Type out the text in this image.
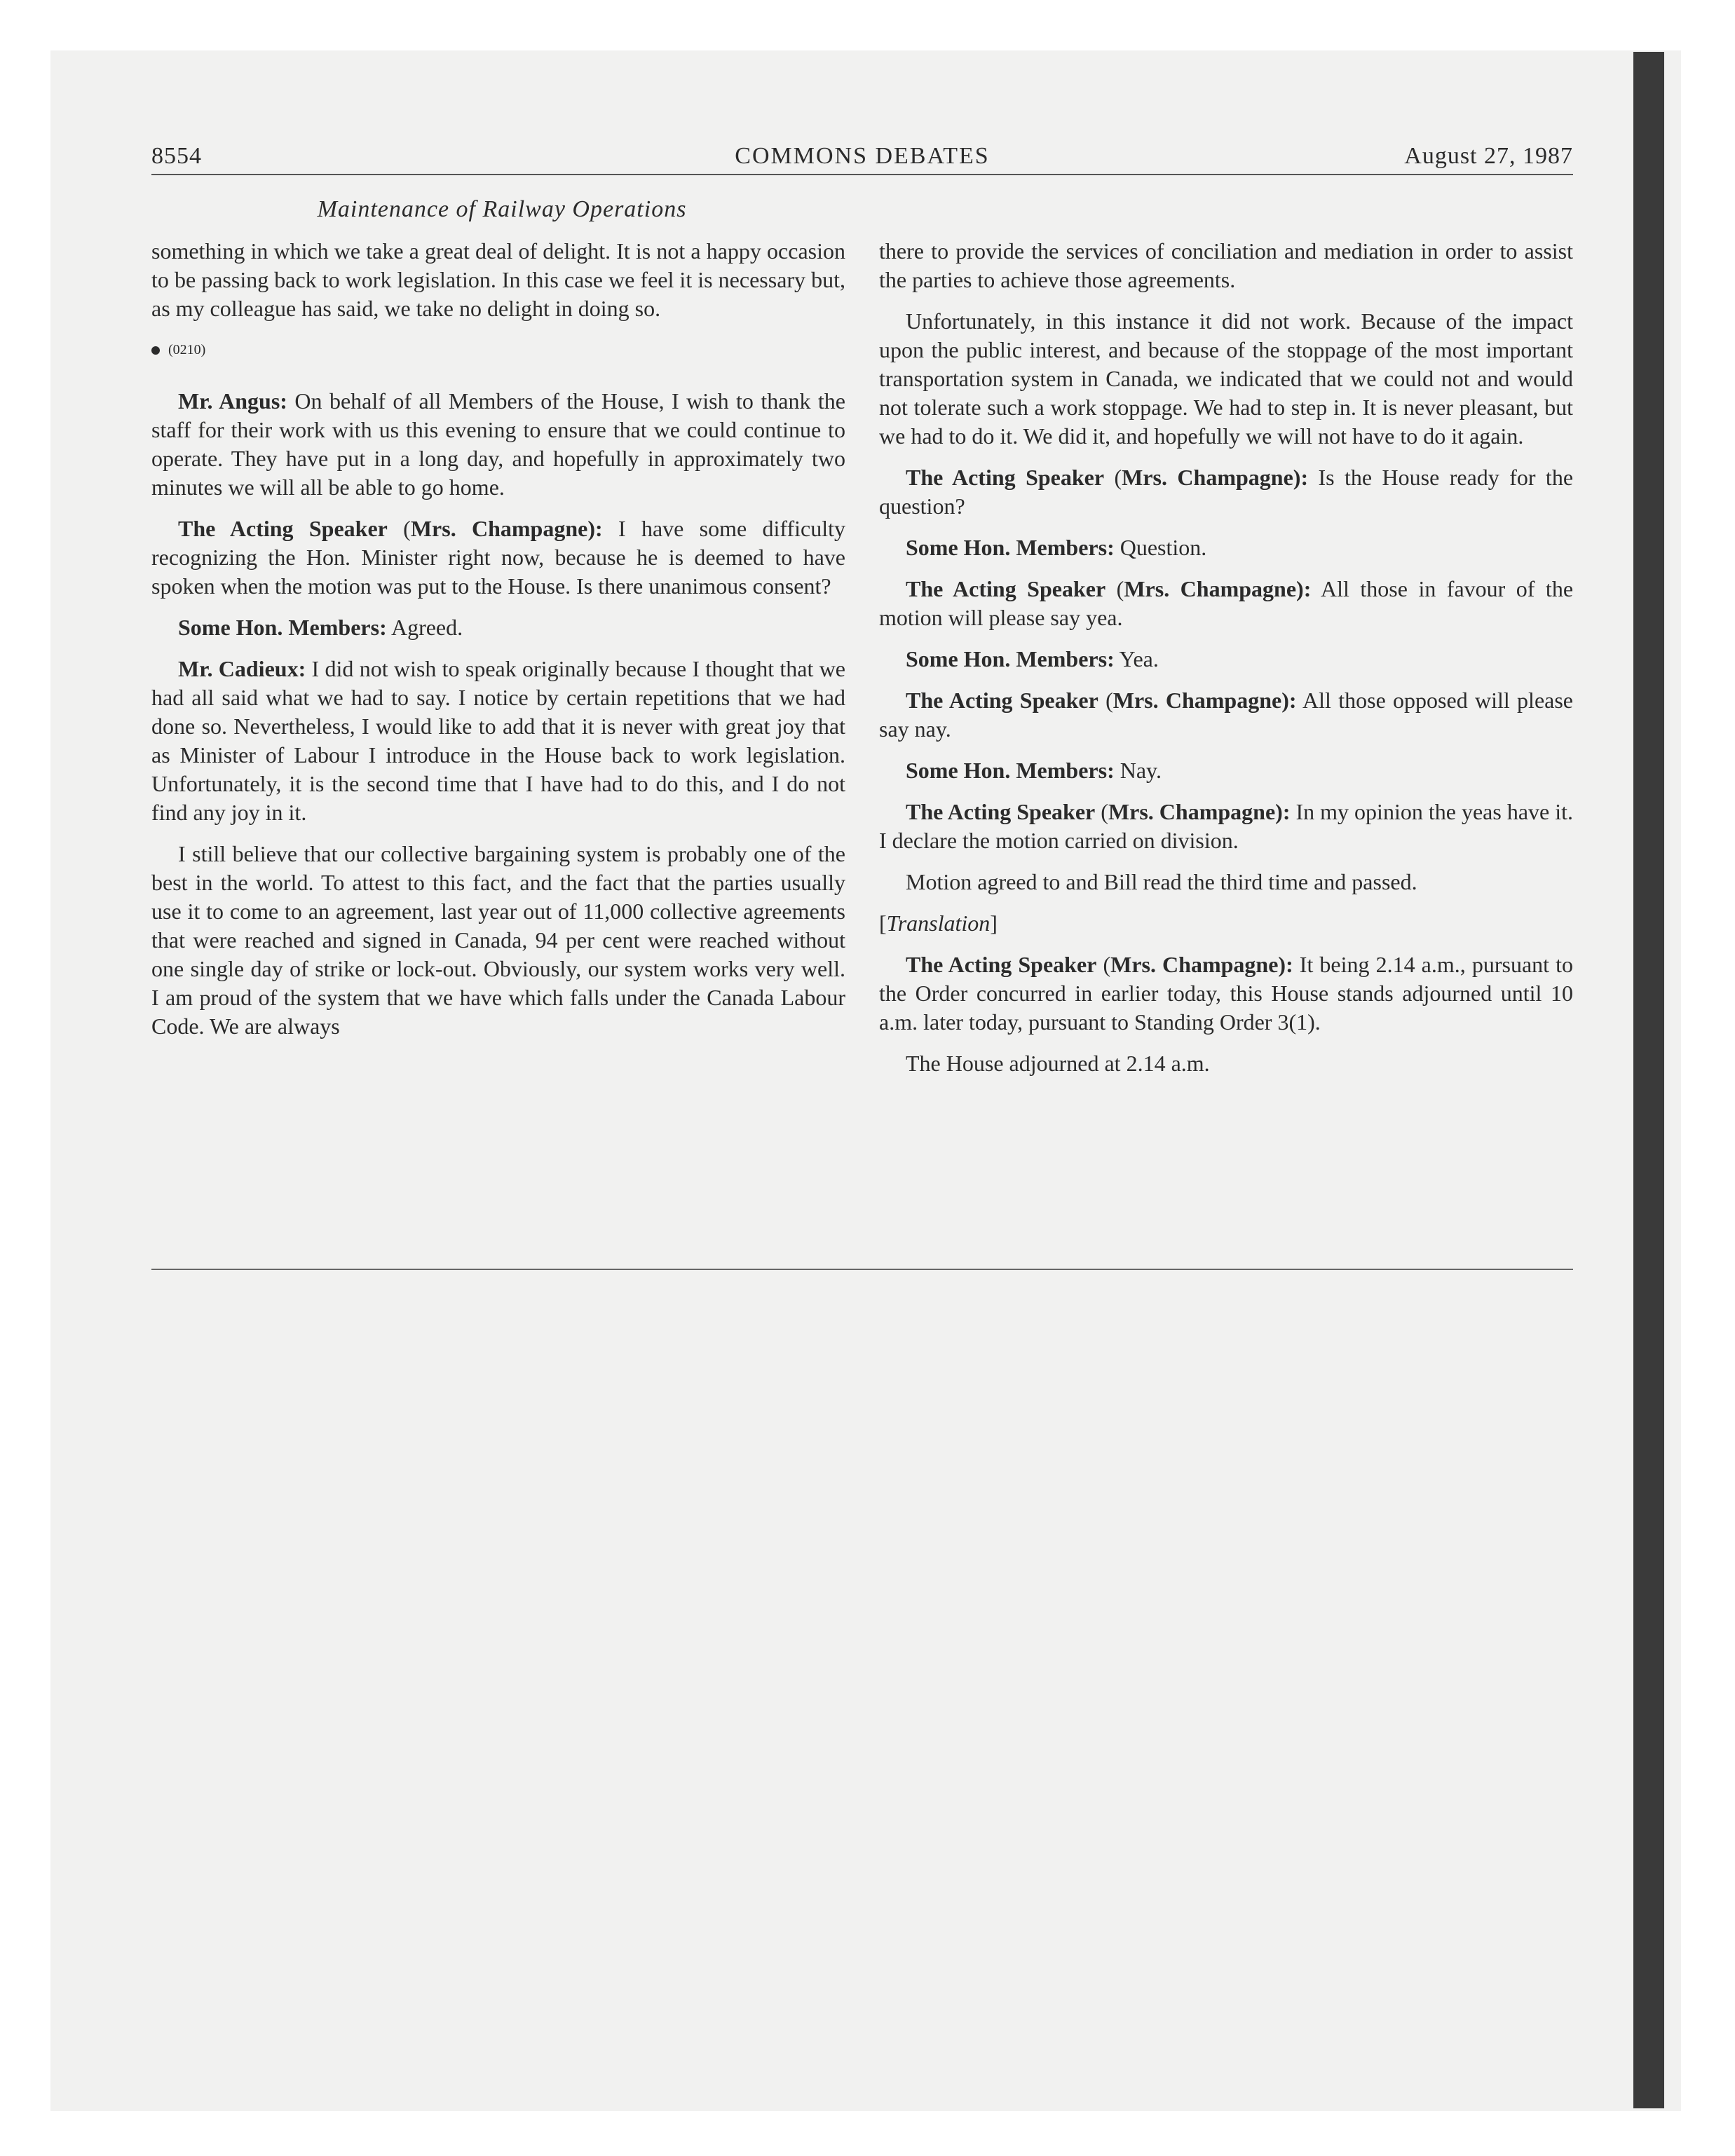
8554	COMMONS DEBATES	August 27, 1987
Maintenance of Railway Operations

something in which we take a great deal of delight. It is not a happy occasion to be passing back to work legislation. In this case we feel it is necessary but, as my colleague has said, we take no delight in doing so.

(0210)

Mr. Angus: On behalf of all Members of the House, I wish to thank the staff for their work with us this evening to ensure that we could continue to operate. They have put in a long day, and hopefully in approximately two minutes we will all be able to go home.

The Acting Speaker (Mrs. Champagne): I have some difficulty recognizing the Hon. Minister right now, because he is deemed to have spoken when the motion was put to the House. Is there unanimous consent?

Some Hon. Members: Agreed.

Mr. Cadieux: I did not wish to speak originally because I thought that we had all said what we had to say. I notice by certain repetitions that we had done so. Nevertheless, I would like to add that it is never with great joy that as Minister of Labour I introduce in the House back to work legislation. Unfortunately, it is the second time that I have had to do this, and I do not find any joy in it.

I still believe that our collective bargaining system is probably one of the best in the world. To attest to this fact, and the fact that the parties usually use it to come to an agreement, last year out of 11,000 collective agreements that were reached and signed in Canada, 94 per cent were reached without one single day of strike or lock-out. Obviously, our system works very well. I am proud of the system that we have which falls under the Canada Labour Code. We are always

there to provide the services of conciliation and mediation in order to assist the parties to achieve those agreements.

Unfortunately, in this instance it did not work. Because of the impact upon the public interest, and because of the stoppage of the most important transportation system in Canada, we indicated that we could not and would not tolerate such a work stoppage. We had to step in. It is never pleasant, but we had to do it. We did it, and hopefully we will not have to do it again.

The Acting Speaker (Mrs. Champagne): Is the House ready for the question?

Some Hon. Members: Question.

The Acting Speaker (Mrs. Champagne): All those in favour of the motion will please say yea.

Some Hon. Members: Yea.

The Acting Speaker (Mrs. Champagne): All those opposed will please say nay.

Some Hon. Members: Nay.

The Acting Speaker (Mrs. Champagne): In my opinion the yeas have it. I declare the motion carried on division.

Motion agreed to and Bill read the third time and passed.

[Translation]

The Acting Speaker (Mrs. Champagne): It being 2.14 a.m., pursuant to the Order concurred in earlier today, this House stands adjourned until 10 a.m. later today, pursuant to Standing Order 3(1).

The House adjourned at 2.14 a.m.
